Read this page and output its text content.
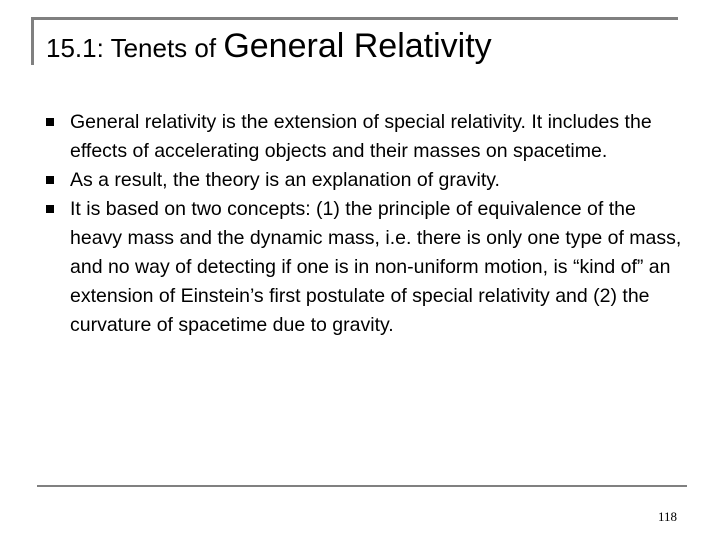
15.1: Tenets of General Relativity
General relativity is the extension of special relativity. It includes the effects of accelerating objects and their masses on spacetime.
As a result, the theory is an explanation of gravity.
It is based on two concepts: (1) the principle of equivalence of the heavy mass and the dynamic mass, i.e. there is only one type of mass, and no way of detecting if one is in non-uniform motion, is “kind of” an extension of Einstein’s first postulate of special relativity and (2) the curvature of spacetime due to gravity.
118
